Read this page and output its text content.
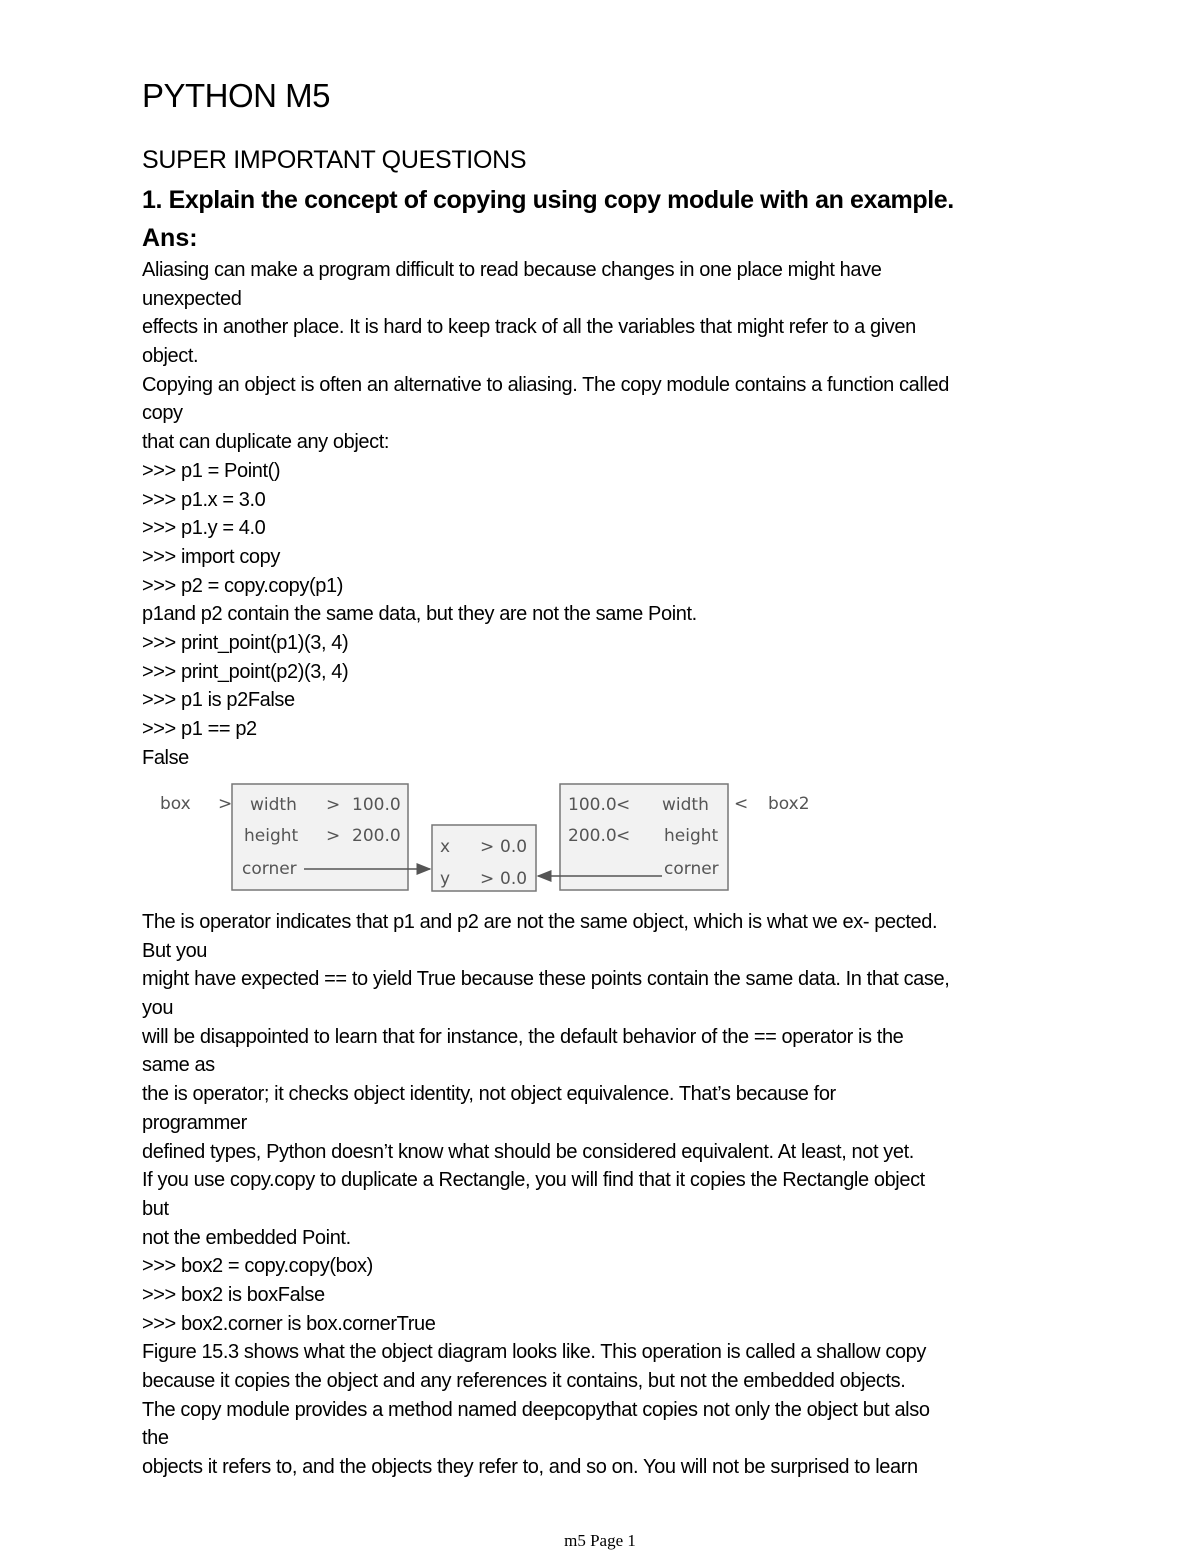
PYTHON M5
SUPER IMPORTANT QUESTIONS
1. Explain the concept of copying using copy module with an example.
Ans:
Aliasing can make a program difficult to read because changes in one place might have
unexpected
effects in another place. It is hard to keep track of all the variables that might refer to a given
object.
Copying an object is often an alternative to aliasing. The copy module contains a function called
copy
that can duplicate any object:
>>> p1 = Point()
>>> p1.x = 3.0
>>> p1.y = 4.0
>>> import copy
>>> p2 = copy.copy(p1)
p1and p2 contain the same data, but they are not the same Point.
>>> print_point(p1)(3, 4)
>>> print_point(p2)(3, 4)
>>> p1 is p2False
>>> p1 == p2
False
box >	box2
<
width > 100.0
height > 200.0
corner
x > 0.0
y > 0.0
100.0 < width
200.0 < height
corner
The is operator indicates that p1 and p2 are not the same object, which is what we ex- pected.
But you
might have expected == to yield True because these points contain the same data. In that case,
you
will be disappointed to learn that for instance, the default behavior of the == operator is the
same as
the is operator; it checks object identity, not object equivalence. That’s because for
programmer
defined types, Python doesn’t know what should be considered equivalent. At least, not yet.
If you use copy.copy to duplicate a Rectangle, you will find that it copies the Rectangle object
but
not the embedded Point.
>>> box2 = copy.copy(box)
>>> box2 is boxFalse
>>> box2.corner is box.cornerTrue
Figure 15.3 shows what the object diagram looks like. This operation is called a shallow copy
because it copies the object and any references it contains, but not the embedded objects.
The copy module provides a method named deepcopythat copies not only the object but also
the
objects it refers to, and the objects they refer to, and so on. You will not be surprised to learn
m5 Page 1
